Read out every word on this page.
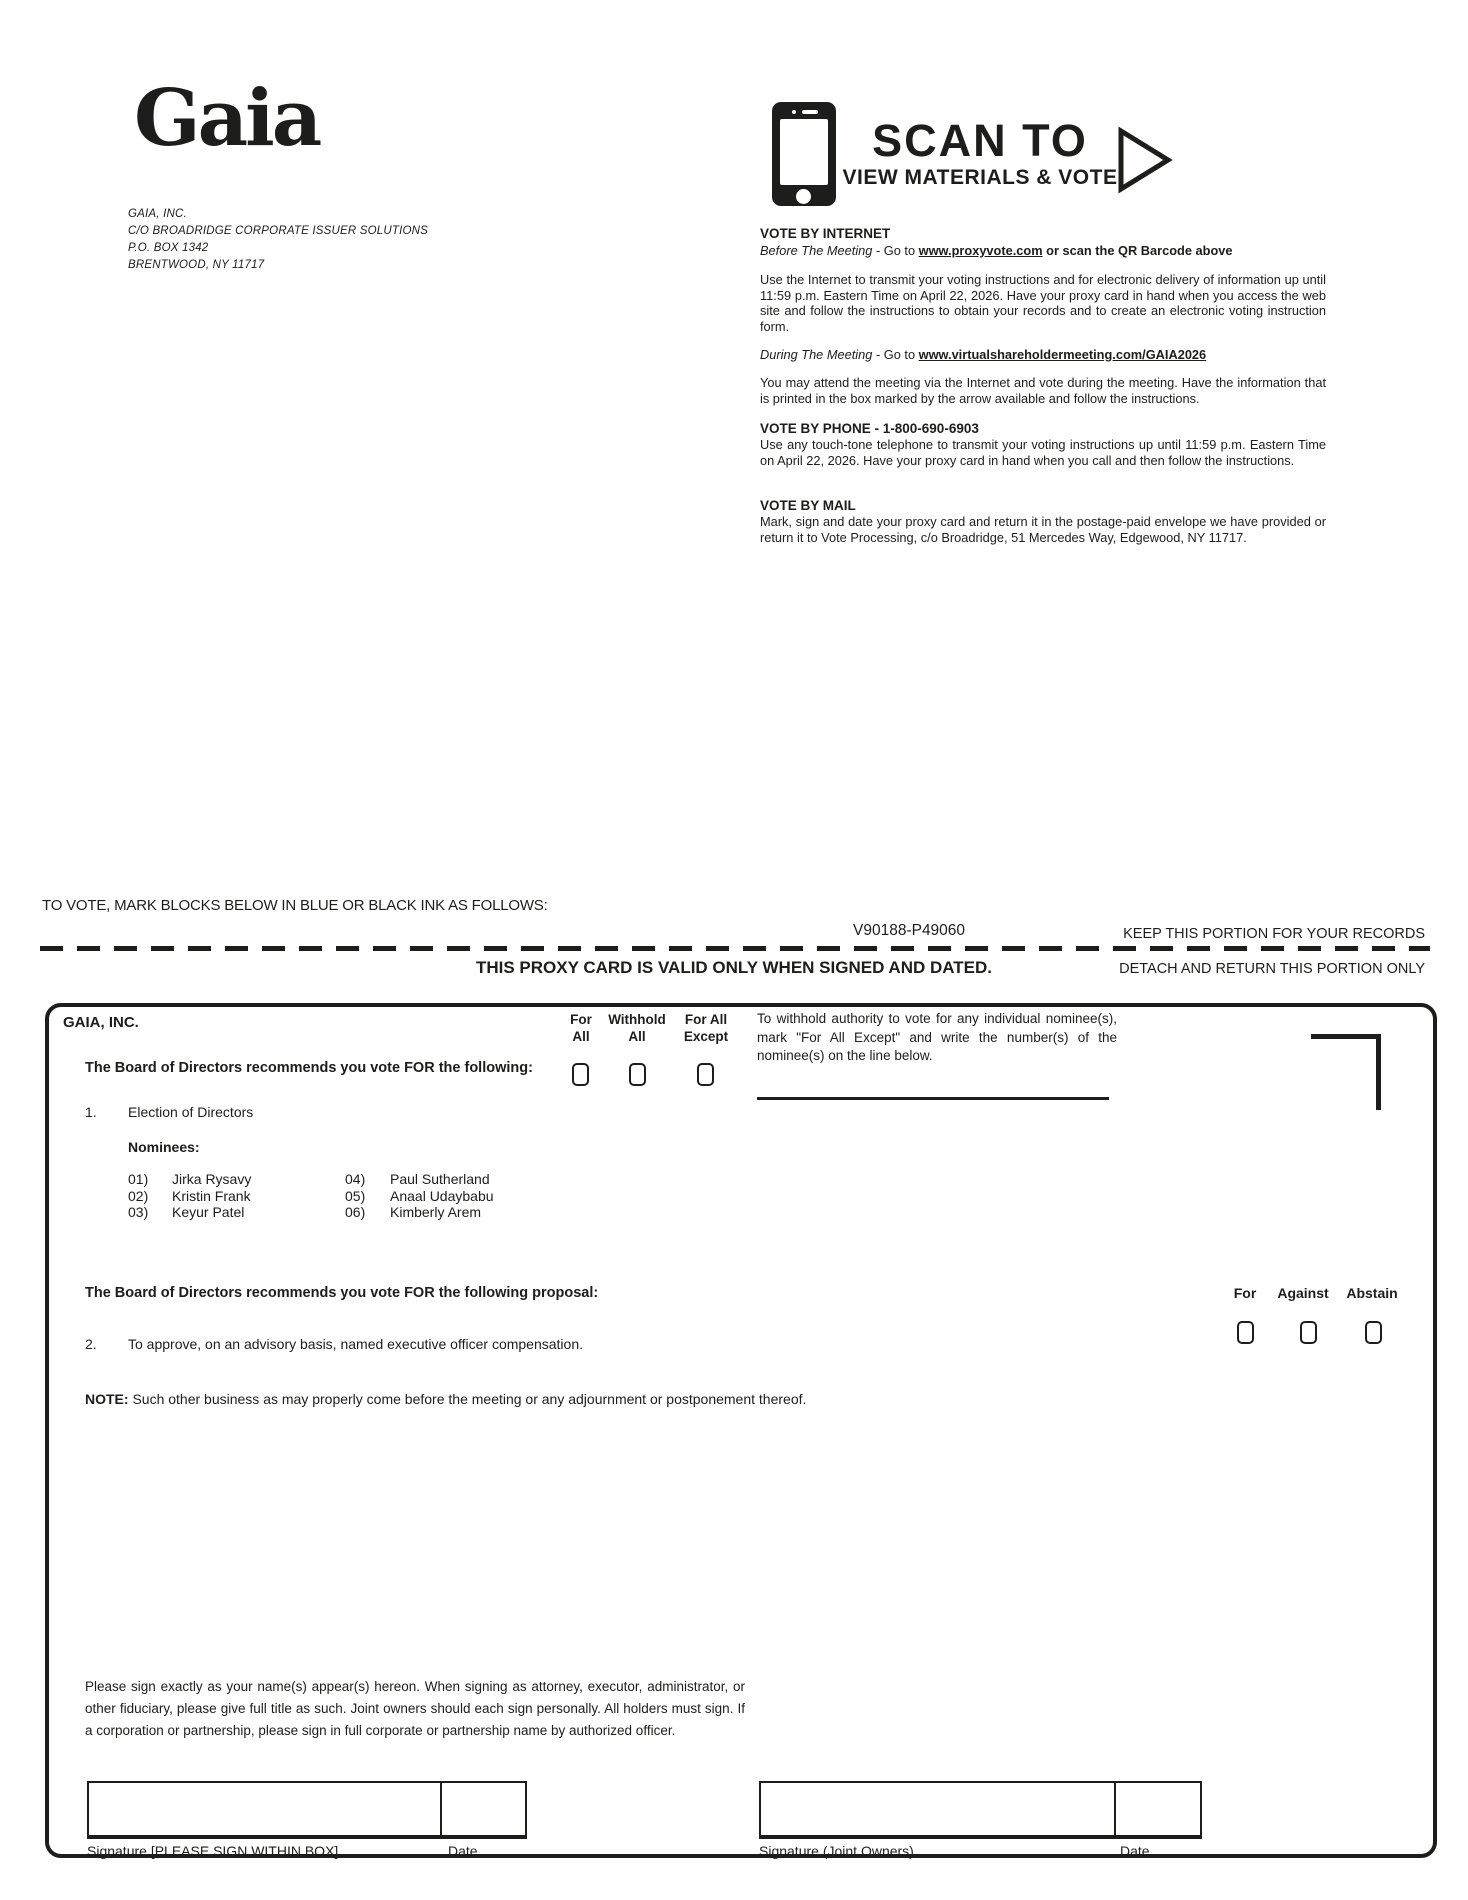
Gaia
GAIA, INC.
C/O BROADRIDGE CORPORATE ISSUER SOLUTIONS
P.O. BOX 1342
BRENTWOOD, NY 11717
SCAN TO
VIEW MATERIALS & VOTE
VOTE BY INTERNET
Before The Meeting - Go to www.proxyvote.com or scan the QR Barcode above
Use the Internet to transmit your voting instructions and for electronic delivery of information up until 11:59 p.m. Eastern Time on April 22, 2026. Have your proxy card in hand when you access the web site and follow the instructions to obtain your records and to create an electronic voting instruction form.
During The Meeting - Go to www.virtualshareholdermeeting.com/GAIA2026
You may attend the meeting via the Internet and vote during the meeting. Have the information that is printed in the box marked by the arrow available and follow the instructions.
VOTE BY PHONE - 1-800-690-6903
Use any touch-tone telephone to transmit your voting instructions up until 11:59 p.m. Eastern Time on April 22, 2026. Have your proxy card in hand when you call and then follow the instructions.
VOTE BY MAIL
Mark, sign and date your proxy card and return it in the postage-paid envelope we have provided or return it to Vote Processing, c/o Broadridge, 51 Mercedes Way, Edgewood, NY 11717.
TO VOTE, MARK BLOCKS BELOW IN BLUE OR BLACK INK AS FOLLOWS:
V90188-P49060	KEEP THIS PORTION FOR YOUR RECORDS
THIS PROXY CARD IS VALID ONLY WHEN SIGNED AND DATED.	DETACH AND RETURN THIS PORTION ONLY
GAIA, INC.	For
All
Withhold
All
For All
Except
The Board of Directors recommends you vote FOR the following:
To withhold authority to vote for any individual nominee(s), mark "For All Except" and write the number(s) of the nominee(s) on the line below.
1. Election of Directors
Nominees:
01)	Jirka Rysavy	04)	Paul Sutherland
02)	Kristin Frank	05)	Anaal Udaybabu
03)	Keyur Patel	06)	Kimberly Arem
The Board of Directors recommends you vote FOR the following proposal:	For	Against	Abstain
2. To approve, on an advisory basis, named executive officer compensation.
NOTE: Such other business as may properly come before the meeting or any adjournment or postponement thereof.
Please sign exactly as your name(s) appear(s) hereon. When signing as attorney, executor, administrator, or other fiduciary, please give full title as such. Joint owners should each sign personally. All holders must sign. If a corporation or partnership, please sign in full corporate or partnership name by authorized officer.
Signature [PLEASE SIGN WITHIN BOX]	Date	Signature (Joint Owners)	Date
